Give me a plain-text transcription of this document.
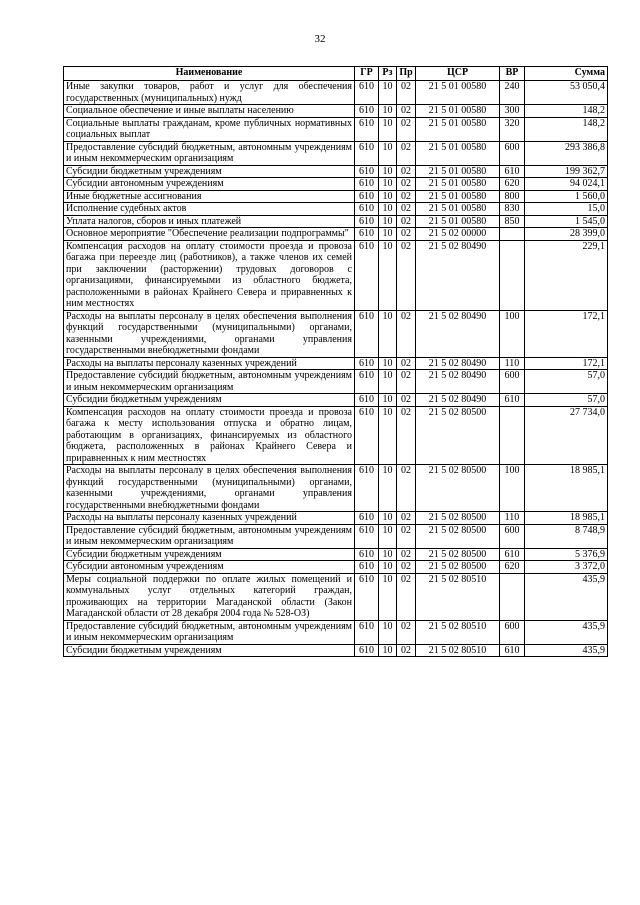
32
Наименование	ГР	Рз	Пр	ЦСР	ВР	Сумма
Иные закупки товаров, работ и услуг для обеспечения государственных (муниципальных) нужд	610	10	02	21 5 01 00580	240	53 050,4
Социальное обеспечение и иные выплаты населению	610	10	02	21 5 01 00580	300	148,2
Социальные выплаты гражданам, кроме публичных нормативных социальных выплат	610	10	02	21 5 01 00580	320	148,2
Предоставление субсидий бюджетным, автономным учреждениям и иным некоммерческим организациям	610	10	02	21 5 01 00580	600	293 386,8
Субсидии бюджетным учреждениям	610	10	02	21 5 01 00580	610	199 362,7
Субсидии автономным учреждениям	610	10	02	21 5 01 00580	620	94 024,1
Иные бюджетные ассигнования	610	10	02	21 5 01 00580	800	1 560,0
Исполнение судебных актов	610	10	02	21 5 01 00580	830	15,0
Уплата налогов, сборов и иных платежей	610	10	02	21 5 01 00580	850	1 545,0
Основное мероприятие "Обеспечение реализации подпрограммы"	610	10	02	21 5 02 00000		28 399,0
Компенсация расходов на оплату стоимости проезда и провоза багажа при переезде лиц (работников), а также членов их семей при заключении (расторжении) трудовых договоров с организациями, финансируемыми из областного бюджета, расположенными в районах Крайнего Севера и приравненных к ним местностях	610	10	02	21 5 02 80490		229,1
Расходы на выплаты персоналу в целях обеспечения выполнения функций государственными (муниципальными) органами, казенными учреждениями, органами управления государственными внебюджетными фондами	610	10	02	21 5 02 80490	100	172,1
Расходы на выплаты персоналу казенных учреждений	610	10	02	21 5 02 80490	110	172,1
Предоставление субсидий бюджетным, автономным учреждениям и иным некоммерческим организациям	610	10	02	21 5 02 80490	600	57,0
Субсидии бюджетным учреждениям	610	10	02	21 5 02 80490	610	57,0
Компенсация расходов на оплату стоимости проезда и провоза багажа к месту использования отпуска и обратно лицам, работающим в организациях, финансируемых из областного бюджета, расположенных в районах Крайнего Севера и приравненных к ним местностях	610	10	02	21 5 02 80500		27 734,0
Расходы на выплаты персоналу в целях обеспечения выполнения функций государственными (муниципальными) органами, казенными учреждениями, органами управления государственными внебюджетными фондами	610	10	02	21 5 02 80500	100	18 985,1
Расходы на выплаты персоналу казенных учреждений	610	10	02	21 5 02 80500	110	18 985,1
Предоставление субсидий бюджетным, автономным учреждениям и иным некоммерческим организациям	610	10	02	21 5 02 80500	600	8 748,9
Субсидии бюджетным учреждениям	610	10	02	21 5 02 80500	610	5 376,9
Субсидии автономным учреждениям	610	10	02	21 5 02 80500	620	3 372,0
Меры социальной поддержки по оплате жилых помещений и коммунальных услуг отдельных категорий граждан, проживающих на территории Магаданской области (Закон Магаданской области от 28 декабря 2004 года № 528-ОЗ)	610	10	02	21 5 02 80510		435,9
Предоставление субсидий бюджетным, автономным учреждениям и иным некоммерческим организациям	610	10	02	21 5 02 80510	600	435,9
Субсидии бюджетным учреждениям	610	10	02	21 5 02 80510	610	435,9
